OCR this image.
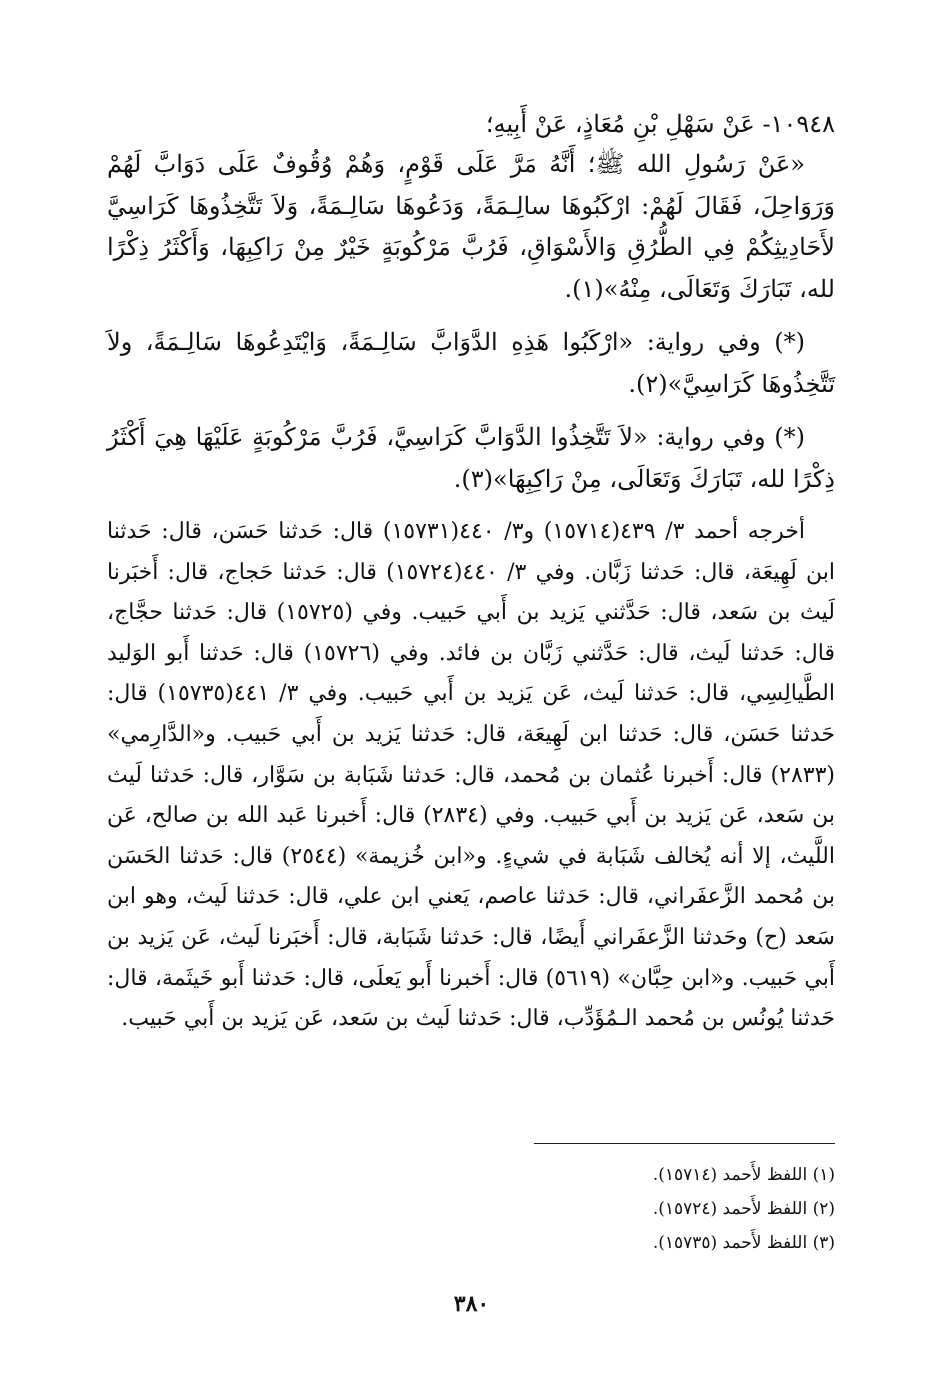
١٠٩٤٨- عَنْ سَهْلِ بْنِ مُعَاذٍ، عَنْ أَبِيهِ؛

«عَنْ رَسُولِ الله ﷺ؛ أَنَّهُ مَرَّ عَلَى قَوْمٍ، وَهُمْ وُقُوفٌ عَلَى دَوَابَّ لَهُمْ وَرَوَاحِلَ، فَقَالَ لَهُمْ: ارْكَبُوهَا سالِـمَةً، وَدَعُوهَا سَالِـمَةً، وَلاَ تَتَّخِذُوهَا كَرَاسِيَّ لأَحَادِيثِكُمْ فِي الطُّرُقِ وَالأَسْوَاقِ، فَرُبَّ مَرْكُوبَةٍ خَيْرٌ مِنْ رَاكِبِهَا، وَأَكْثَرُ ذِكْرًا لله، تَبَارَكَ وَتَعَالَى، مِنْهُ»(١).

(*) وفي رواية: «ارْكَبُوا هَذِهِ الدَّوَابَّ سَالِـمَةً، وَايْتَدِعُوهَا سَالِـمَةً، ولاَ تَتَّخِذُوهَا كَرَاسِيَّ»(٢).

(*) وفي رواية: «لاَ تَتَّخِذُوا الدَّوَابَّ كَرَاسِيَّ، فَرُبَّ مَرْكُوبَةٍ عَلَيْهَا هِيَ أَكْثَرُ ذِكْرًا لله، تَبَارَكَ وَتَعَالَى، مِنْ رَاكِبِهَا»(٣).

أخرجه أحمد ٣/ ٤٣٩(١٥٧١٤) و٣/ ٤٤٠(١٥٧٣١) قال: حَدثنا حَسَن، قال: حَدثنا ابن لَهِيعَة، قال: حَدثنا زَبَّان. وفي ٣/ ٤٤٠(١٥٧٢٤) قال: حَدثنا حَجاج، قال: أَخبَرنا لَيث بن سَعد، قال: حَدَّثني يَزيد بن أَبي حَبيب. وفي (١٥٧٢٥) قال: حَدثنا حجَّاج، قال: حَدثنا لَيث، قال: حَدَّثني زَبَّان بن فائد. وفي (١٥٧٢٦) قال: حَدثنا أَبو الوَليد الطَّيالِسِي، قال: حَدثنا لَيث، عَن يَزيد بن أَبي حَبيب. وفي ٣/ ٤٤١(١٥٧٣٥) قال: حَدثنا حَسَن، قال: حَدثنا ابن لَهِيعَة، قال: حَدثنا يَزيد بن أَبي حَبيب. و«الدَّارِمي» (٢٨٣٣) قال: أَخبرنا عُثمان بن مُحمد، قال: حَدثنا شَبَابة بن سَوَّار، قال: حَدثنا لَيث بن سَعد، عَن يَزيد بن أَبي حَبيب. وفي (٢٨٣٤) قال: أَخبرنا عَبد الله بن صالح، عَن اللَّيث، إلا أنه يُخالف شَبَابة في شيءٍ. و«ابن خُزيمة» (٢٥٤٤) قال: حَدثنا الحَسَن بن مُحمد الزَّعفَراني، قال: حَدثنا عاصم، يَعني ابن علي، قال: حَدثنا لَيث، وهو ابن سَعد (ح) وحَدثنا الزَّعفَراني أَيضًا، قال: حَدثنا شَبَابة، قال: أَخبَرنا لَيث، عَن يَزيد بن أَبي حَبيب. و«ابن حِبَّان» (٥٦١٩) قال: أَخبرنا أَبو يَعلَى، قال: حَدثنا أَبو خَيثَمة، قال: حَدثنا يُونُس بن مُحمد الـمُؤَدِّب، قال: حَدثنا لَيث بن سَعد، عَن يَزيد بن أَبي حَبيب.

(١) اللفظ لأَحمد (١٥٧١٤).

(٢) اللفظ لأَحمد (١٥٧٢٤).

(٣) اللفظ لأَحمد (١٥٧٣٥).

٣٨٠
